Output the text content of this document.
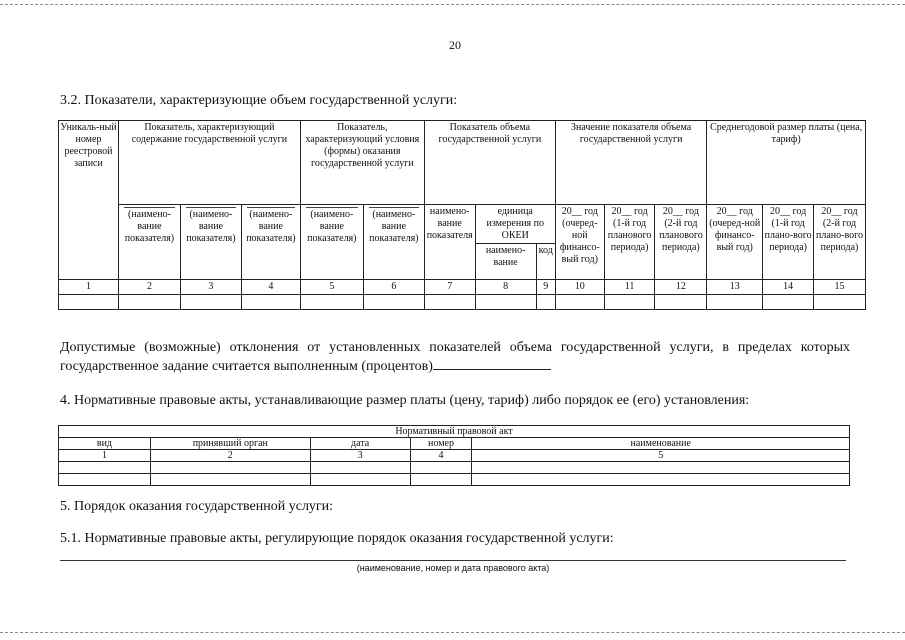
20
3.2. Показатели, характеризующие объем государственной услуги:
Уникаль-ный номер реестровой записи	Показатель, характеризующий содержание государственной услуги			Показатель, характеризующий условия (формы) оказания государственной услуги		Показатель объема государственной услуги			Значение показателя объема государственной услуги			Среднегодовой размер платы (цена, тариф)		

(наимено-вание показателя)	(наимено-вание показателя)	(наимено-вание показателя)	(наимено-вание показателя)	(наимено-вание показателя)	наимено-вание показателя	единица измерения по ОКЕИ		20__ год (очеред-ной финансо-вый год)	20__ год (1-й год планового периода)	20__ год (2-й год планового периода)	20__ год (очеред-ной финансо-вый год)	20__ год (1-й год плано-вого периода)	20__ год (2-й год плано-вого периода)
							наимено-вание	код						
1	2	3	4	5	6	7	8	9	10	11	12	13	14	15

Допустимые (возможные) отклонения от установленных показателей объема государственной услуги, в пределах которых государственное задание считается выполненным (процентов)
4. Нормативные правовые акты, устанавливающие размер платы (цену, тариф) либо порядок ее (его) установления:
Нормативный правовой акт				
вид	принявший орган	дата	номер	наименование
1	2	3	4	5

5. Порядок оказания государственной услуги:
5.1. Нормативные правовые акты, регулирующие порядок оказания государственной услуги:
(наименование, номер и дата правового акта)
